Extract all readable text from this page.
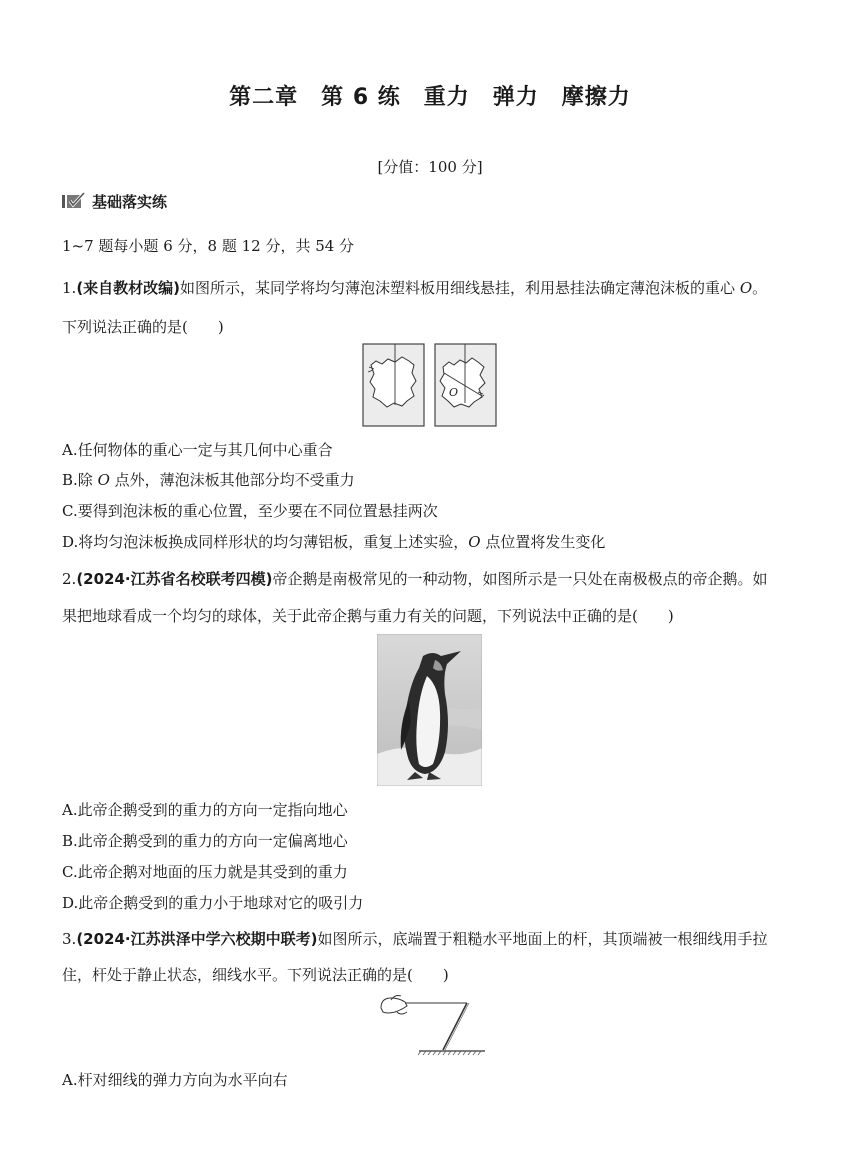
第二章　第 6 练　重力　弹力　摩擦力
[分值：100 分]
基础落实练
1~7 题每小题 6 分，8 题 12 分，共 54 分
1.(来自教材改编)如图所示，某同学将均匀薄泡沫塑料板用细线悬挂，利用悬挂法确定薄泡沫板的重心 O。
下列说法正确的是(　　)
O
A.任何物体的重心一定与其几何中心重合
B.除 O 点外，薄泡沫板其他部分均不受重力
C.要得到泡沫板的重心位置，至少要在不同位置悬挂两次
D.将均匀泡沫板换成同样形状的均匀薄铝板，重复上述实验，O 点位置将发生变化
2.(2024·江苏省名校联考四模)帝企鹅是南极常见的一种动物，如图所示是一只处在南极极点的帝企鹅。如
果把地球看成一个均匀的球体，关于此帝企鹅与重力有关的问题，下列说法中正确的是(　　)
A.此帝企鹅受到的重力的方向一定指向地心
B.此帝企鹅受到的重力的方向一定偏离地心
C.此帝企鹅对地面的压力就是其受到的重力
D.此帝企鹅受到的重力小于地球对它的吸引力
3.(2024·江苏洪泽中学六校期中联考)如图所示，底端置于粗糙水平地面上的杆，其顶端被一根细线用手拉
住，杆处于静止状态，细线水平。下列说法正确的是(　　)
A.杆对细线的弹力方向为水平向右
